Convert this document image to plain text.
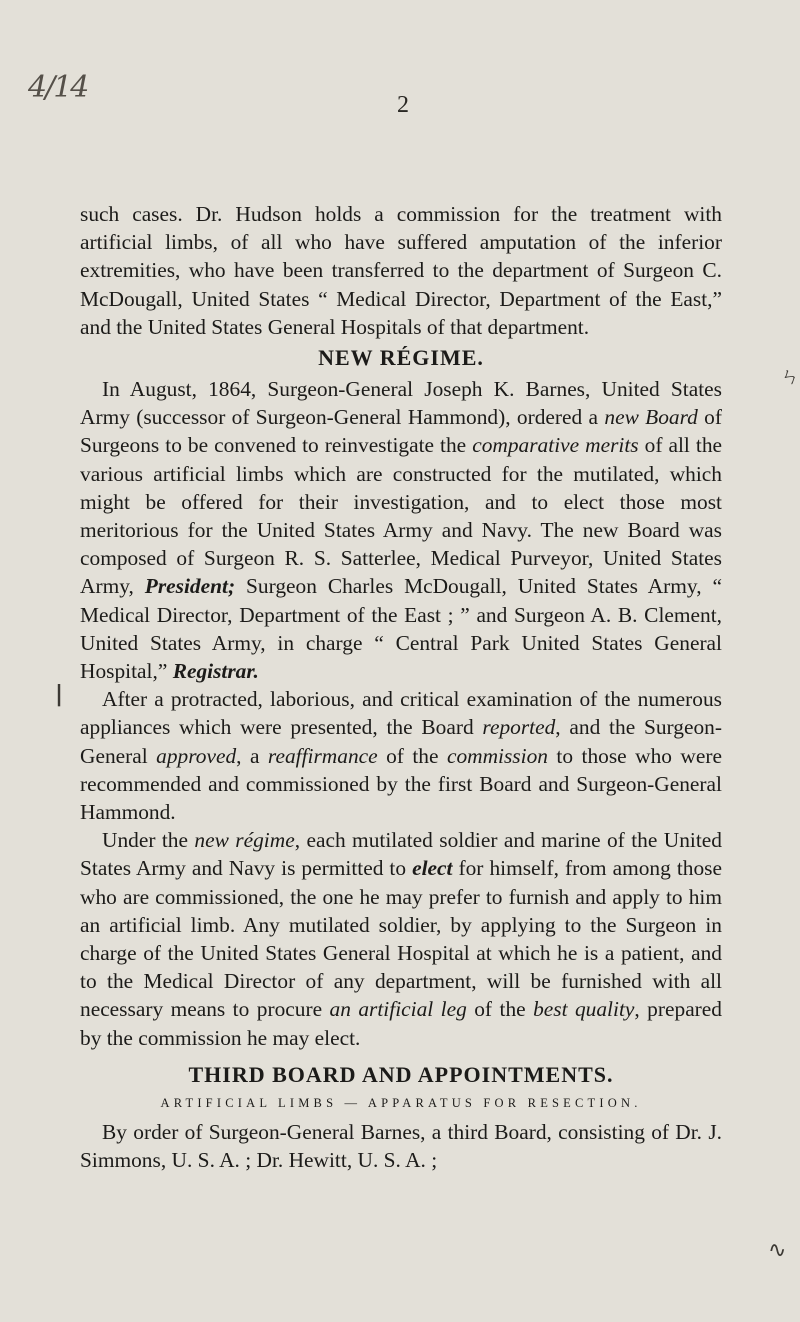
4/14	2
ㄣ
|
∿

such cases. Dr. Hudson holds a commission for the treatment with artificial limbs, of all who have suffered amputation of the inferior extremities, who have been transferred to the department of Surgeon C. McDougall, United States “ Medical Director, Department of the East,” and the United States General Hospitals of that department.

NEW RÉGIME.

In August, 1864, Surgeon-General Joseph K. Barnes, United States Army (successor of Surgeon-General Hammond), ordered a new Board of Surgeons to be convened to reinvestigate the comparative merits of all the various artificial limbs which are constructed for the mutilated, which might be offered for their investigation, and to elect those most meritorious for the United States Army and Navy. The new Board was composed of Surgeon R. S. Satterlee, Medical Purveyor, United States Army, President; Surgeon Charles McDougall, United States Army, “ Medical Director, Department of the East ; ” and Surgeon A. B. Clement, United States Army, in charge “ Central Park United States General Hospital,” Registrar.

After a protracted, laborious, and critical examination of the numerous appliances which were presented, the Board reported, and the Surgeon-General approved, a reaffirmance of the commission to those who were recommended and commissioned by the first Board and Surgeon-General Hammond.

Under the new régime, each mutilated soldier and marine of the United States Army and Navy is permitted to elect for himself, from among those who are commissioned, the one he may prefer to furnish and apply to him an artificial limb. Any mutilated soldier, by applying to the Surgeon in charge of the United States General Hospital at which he is a patient, and to the Medical Director of any department, will be furnished with all necessary means to procure an artificial leg of the best quality, prepared by the commission he may elect.

THIRD BOARD AND APPOINTMENTS.
ARTIFICIAL LIMBS — APPARATUS FOR RESECTION.

By order of Surgeon-General Barnes, a third Board, consisting of Dr. J. Simmons, U. S. A. ; Dr. Hewitt, U. S. A. ;
